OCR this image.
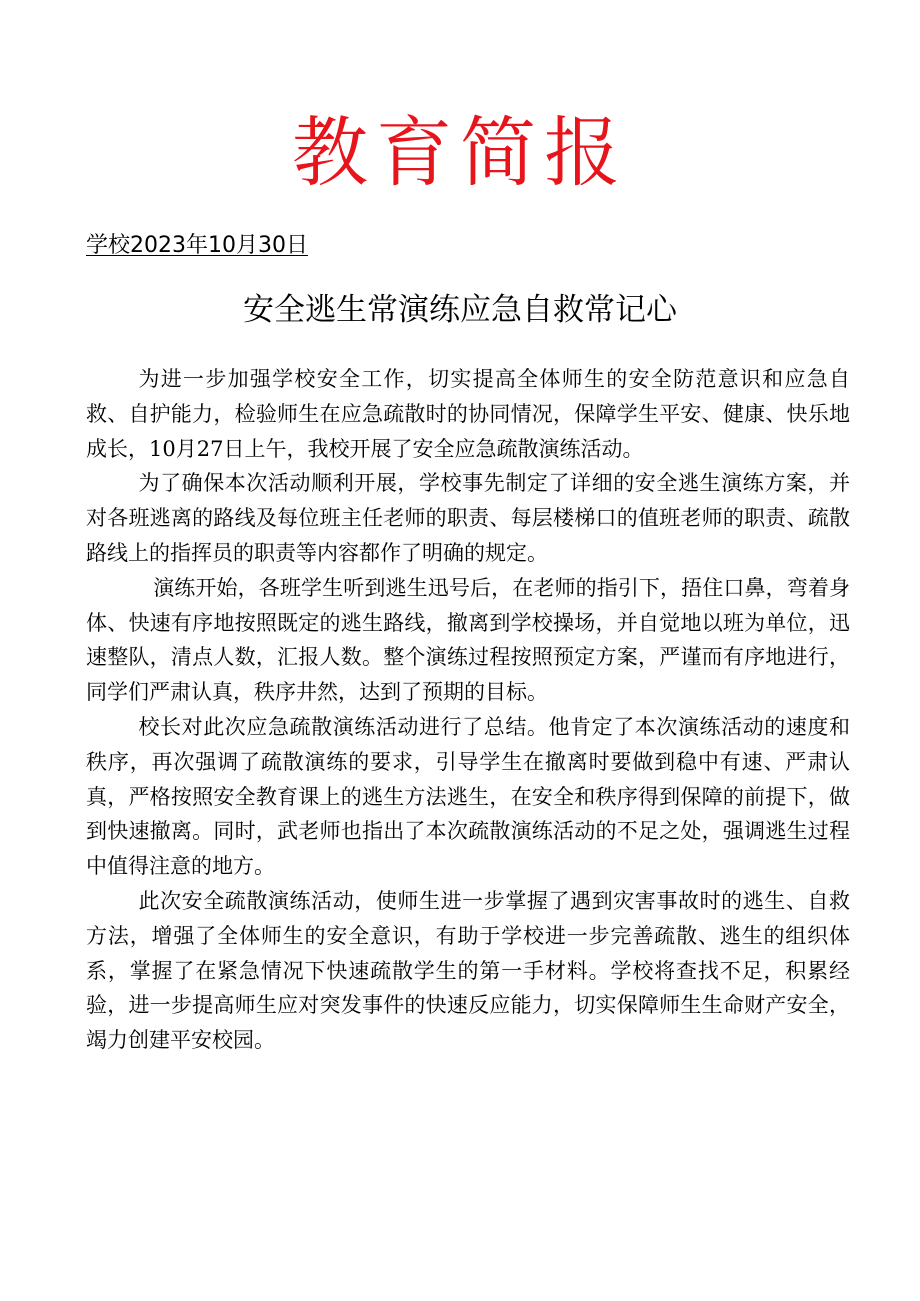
教育简报
学校2023年10月30日
安全逃生常演练应急自救常记心

为进一步加强学校安全工作，切实提高全体师生的安全防范意识和应急自救、自护能力，检验师生在应急疏散时的协同情况，保障学生平安、健康、快乐地成长，10月27日上午，我校开展了安全应急疏散演练活动。

为了确保本次活动顺利开展，学校事先制定了详细的安全逃生演练方案，并对各班逃离的路线及每位班主任老师的职责、每层楼梯口的值班老师的职责、疏散路线上的指挥员的职责等内容都作了明确的规定。

演练开始，各班学生听到逃生迅号后，在老师的指引下，捂住口鼻，弯着身体、快速有序地按照既定的逃生路线，撤离到学校操场，并自觉地以班为单位，迅速整队，清点人数，汇报人数。整个演练过程按照预定方案，严谨而有序地进行，同学们严肃认真，秩序井然，达到了预期的目标。

校长对此次应急疏散演练活动进行了总结。他肯定了本次演练活动的速度和秩序，再次强调了疏散演练的要求，引导学生在撤离时要做到稳中有速、严肃认真，严格按照安全教育课上的逃生方法逃生，在安全和秩序得到保障的前提下，做到快速撤离。同时，武老师也指出了本次疏散演练活动的不足之处，强调逃生过程中值得注意的地方。

此次安全疏散演练活动，使师生进一步掌握了遇到灾害事故时的逃生、自救方法，增强了全体师生的安全意识，有助于学校进一步完善疏散、逃生的组织体系，掌握了在紧急情况下快速疏散学生的第一手材料。学校将查找不足，积累经验，进一步提高师生应对突发事件的快速反应能力，切实保障师生生命财产安全，竭力创建平安校园。
